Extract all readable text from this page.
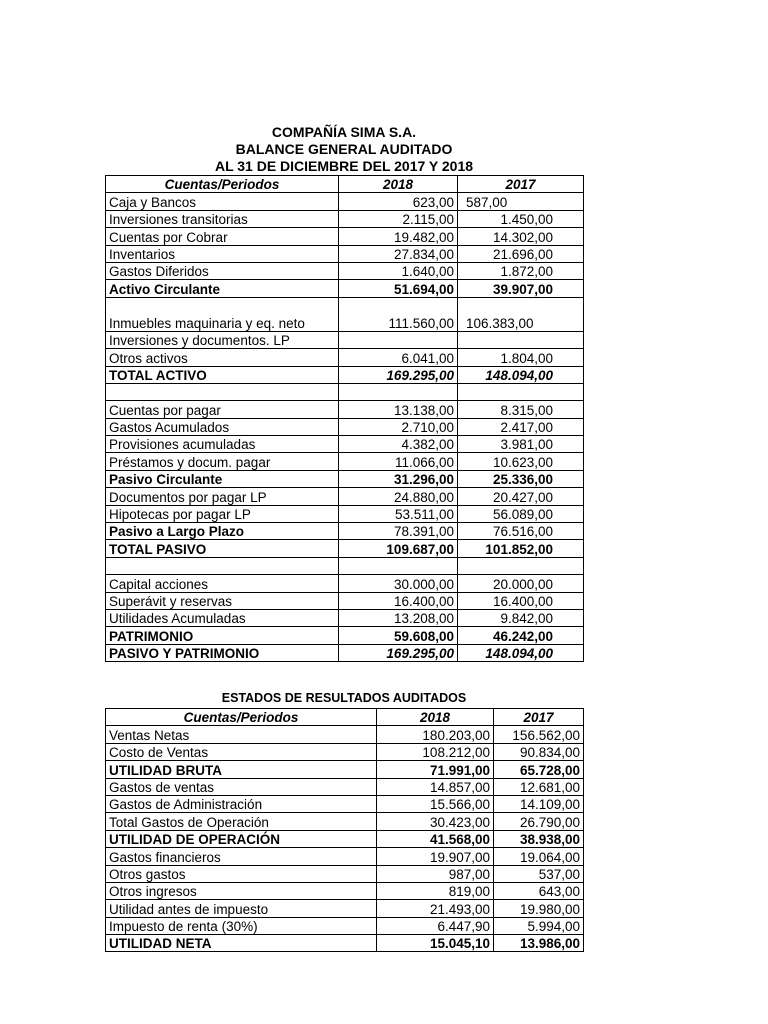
COMPAÑÍA SIMA S.A.
BALANCE GENERAL AUDITADO
AL 31 DE DICIEMBRE DEL 2017 Y 2018
Cuentas/Periodos	2018	2017
Caja y Bancos	623,00	587,00
Inversiones transitorias	2.115,00	1.450,00
Cuentas por Cobrar	19.482,00	14.302,00
Inventarios	27.834,00	21.696,00
Gastos Diferidos	1.640,00	1.872,00
Activo Circulante	51.694,00	39.907,00
Inmuebles maquinaria y eq. neto	111.560,00	106.383,00
Inversiones y documentos. LP		
Otros activos	6.041,00	1.804,00
TOTAL ACTIVO	169.295,00	148.094,00

Cuentas por pagar	13.138,00	8.315,00
Gastos Acumulados	2.710,00	2.417,00
Provisiones acumuladas	4.382,00	3.981,00
Préstamos y docum. pagar	11.066,00	10.623,00
Pasivo Circulante	31.296,00	25.336,00
Documentos por pagar LP	24.880,00	20.427,00
Hipotecas por pagar LP	53.511,00	56.089,00
Pasivo a Largo Plazo	78.391,00	76.516,00
TOTAL PASIVO	109.687,00	101.852,00

Capital acciones	30.000,00	20.000,00
Superávit y reservas	16.400,00	16.400,00
Utilidades Acumuladas	13.208,00	9.842,00
PATRIMONIO	59.608,00	46.242,00
PASIVO Y PATRIMONIO	169.295,00	148.094,00
ESTADOS DE RESULTADOS AUDITADOS
Cuentas/Periodos	2018	2017
Ventas Netas	180.203,00	156.562,00
Costo de Ventas	108.212,00	90.834,00
UTILIDAD BRUTA	71.991,00	65.728,00
Gastos de ventas	14.857,00	12.681,00
Gastos de Administración	15.566,00	14.109,00
Total Gastos de Operación	30.423,00	26.790,00
UTILIDAD DE OPERACIÓN	41.568,00	38.938,00
Gastos financieros	19.907,00	19.064,00
Otros gastos	987,00	537,00
Otros ingresos	819,00	643,00
Utilidad antes de impuesto	21.493,00	19.980,00
Impuesto de renta (30%)	6.447,90	5.994,00
UTILIDAD NETA	15.045,10	13.986,00
